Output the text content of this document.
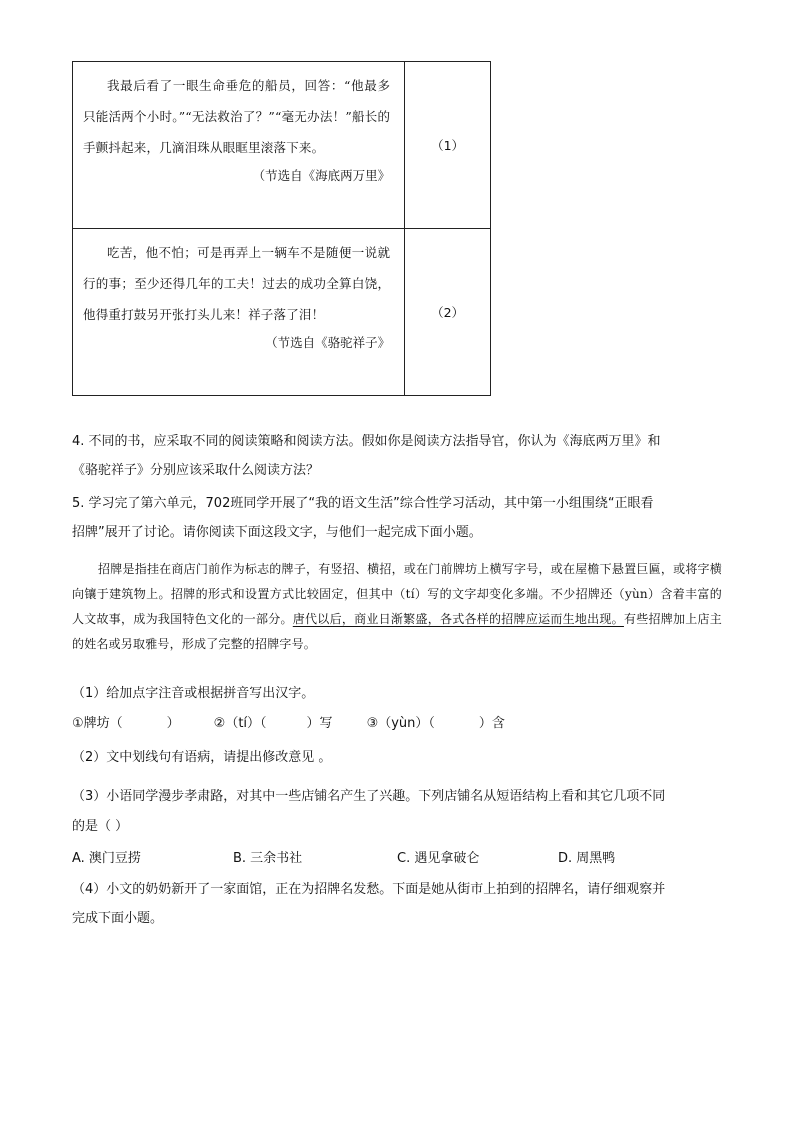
我最后看了一眼生命垂危的船员，回答：“他最多只能活两个小时。”“无法救治了？”“毫无办法！”船长的手颤抖起来，几滴泪珠从眼眶里滚落下来。
（节选自《海底两万里》	（1）

吃苦，他不怕；可是再弄上一辆车不是随便一说就行的事；至少还得几年的工夫！过去的成功全算白饶，他得重打鼓另开张打头儿来！祥子落了泪！
（节选自《骆驼祥子》	（2）
4. 不同的书，应采取不同的阅读策略和阅读方法。假如你是阅读方法指导官，你认为《海底两万里》和
《骆驼祥子》分别应该采取什么阅读方法？
5. 学习完了第六单元，702班同学开展了“我的语文生活”综合性学习活动，其中第一小组围绕“正眼看
招牌”展开了讨论。请你阅读下面这段文字，与他们一起完成下面小题。
招牌是指挂在商店门前作为标志的牌子，有竖招、横招，或在门前牌坊上横写字号，或在屋檐下悬置巨匾，或将字横向镶于建筑物上。招牌的形式和设置方式比较固定，但其中（tí）写的文字却变化多端。不少招牌还（yùn）含着丰富的人文故事，成为我国特色文化的一部分。唐代以后，商业日渐繁盛，各式各样的招牌应运而生地出现。有些招牌加上店主的姓名或另取雅号，形成了完整的招牌字号。
（1）给加点字注音或根据拼音写出汉字。
①牌坊（	）	②（tí）（	）写	③（yùn）（	）含
（2）文中划线句有语病，请提出修改意见 。
（3）小语同学漫步孝肃路，对其中一些店铺名产生了兴趣。下列店铺名从短语结构上看和其它几项不同
的是（ ）
A. 澳门豆捞	B. 三余书社	C. 遇见拿破仑	D. 周黑鸭
（4）小文的奶奶新开了一家面馆，正在为招牌名发愁。下面是她从街市上拍到的招牌名，请仔细观察并
完成下面小题。
